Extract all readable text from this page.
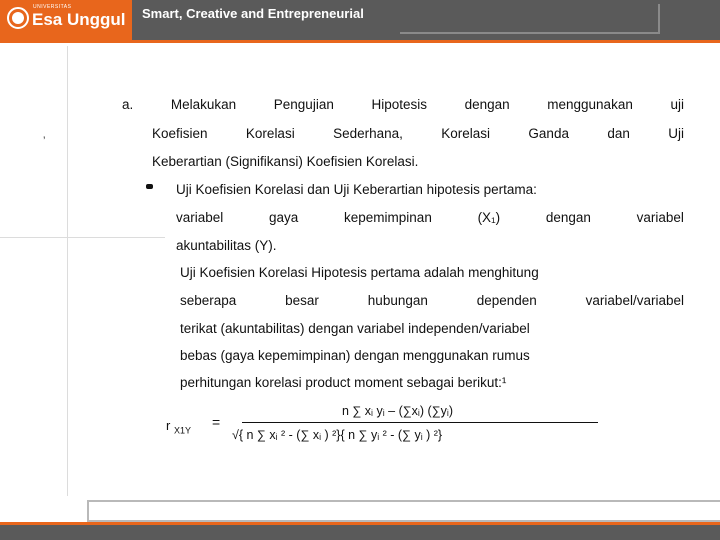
UNIVERSITAS
Esa Unggul Smart, Creative and Entrepreneurial
’
a.	Melakukan	Pengujian	Hipotesis	dengan	menggunakan	uji
Koefisien	Korelasi	Sederhana,	Korelasi	Ganda	dan	Uji
Keberartian (Signifikansi) Koefisien Korelasi.
Uji Koefisien Korelasi dan Uji Keberartian hipotesis pertama:
variabel	gaya	kepemimpinan	(X₁)	dengan	variabel
akuntabilitas (Y).
Uji Koefisien Korelasi Hipotesis pertama adalah menghitung
seberapa	besar	hubungan	dependen	variabel/variabel
terikat (akuntabilitas) dengan variabel independen/variabel
bebas (gaya kepemimpinan) dengan menggunakan rumus
perhitungan korelasi product moment sebagai berikut:¹
r $_{X1Y}$
=
n ∑ xᵢ yᵢ – (∑xᵢ) (∑yᵢ)
√{ n ∑ xᵢ ² - (∑ xᵢ ) ²}{ n ∑ yᵢ ² - (∑ yᵢ ) ²}
